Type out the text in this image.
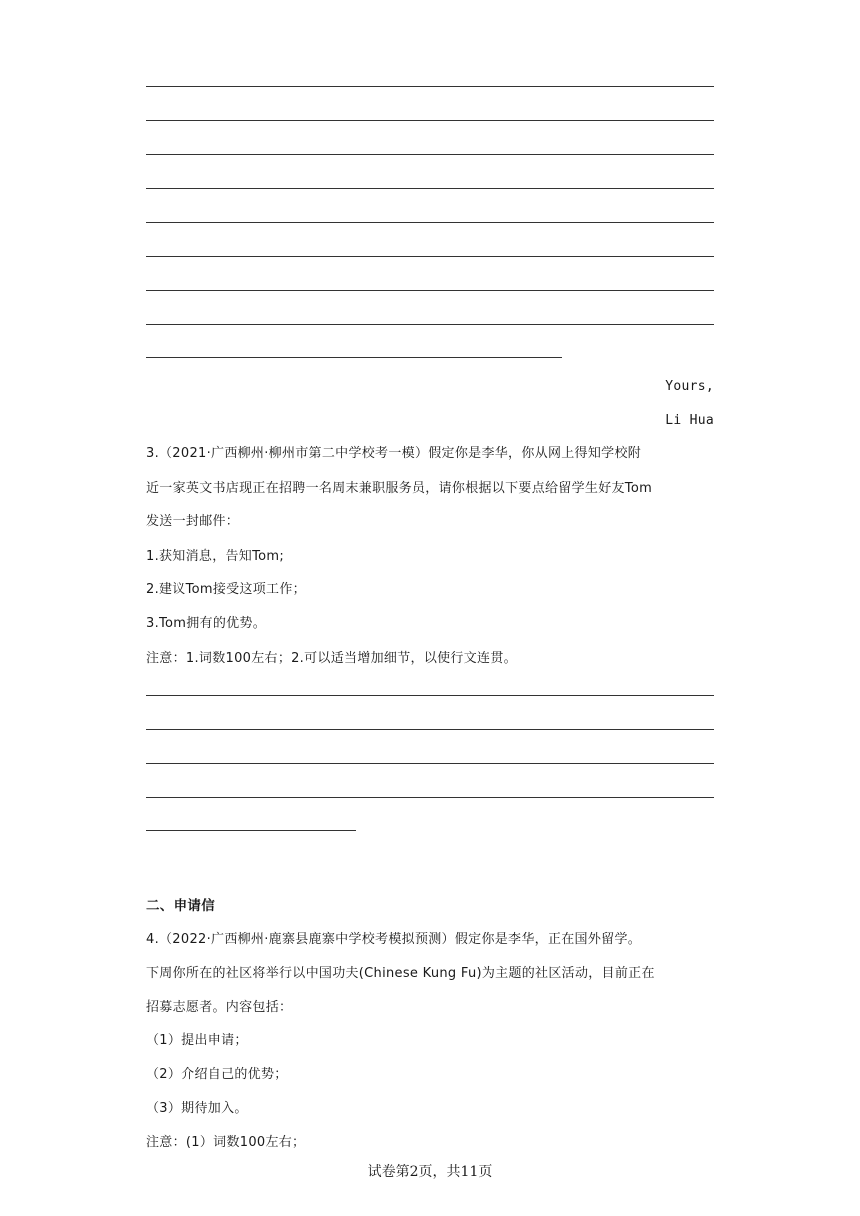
Yours,
Li Hua
3.（2021·广西柳州·柳州市第二中学校考一模）假定你是李华，你从网上得知学校附
近一家英文书店现正在招聘一名周末兼职服务员，请你根据以下要点给留学生好友Tom
发送一封邮件：
1.获知消息，告知Tom;
2.建议Tom接受这项工作；
3.Tom拥有的优势。
注意：1.词数100左右；2.可以适当增加细节，以使行文连贯。
二、申请信
4.（2022·广西柳州·鹿寨县鹿寨中学校考模拟预测）假定你是李华，正在国外留学。
下周你所在的社区将举行以中国功夫(Chinese Kung Fu)为主题的社区活动，目前正在
招募志愿者。内容包括：
（1）提出申请；
（2）介绍自己的优势；
（3）期待加入。
注意：(1）词数100左右；
试卷第2页，共11页
